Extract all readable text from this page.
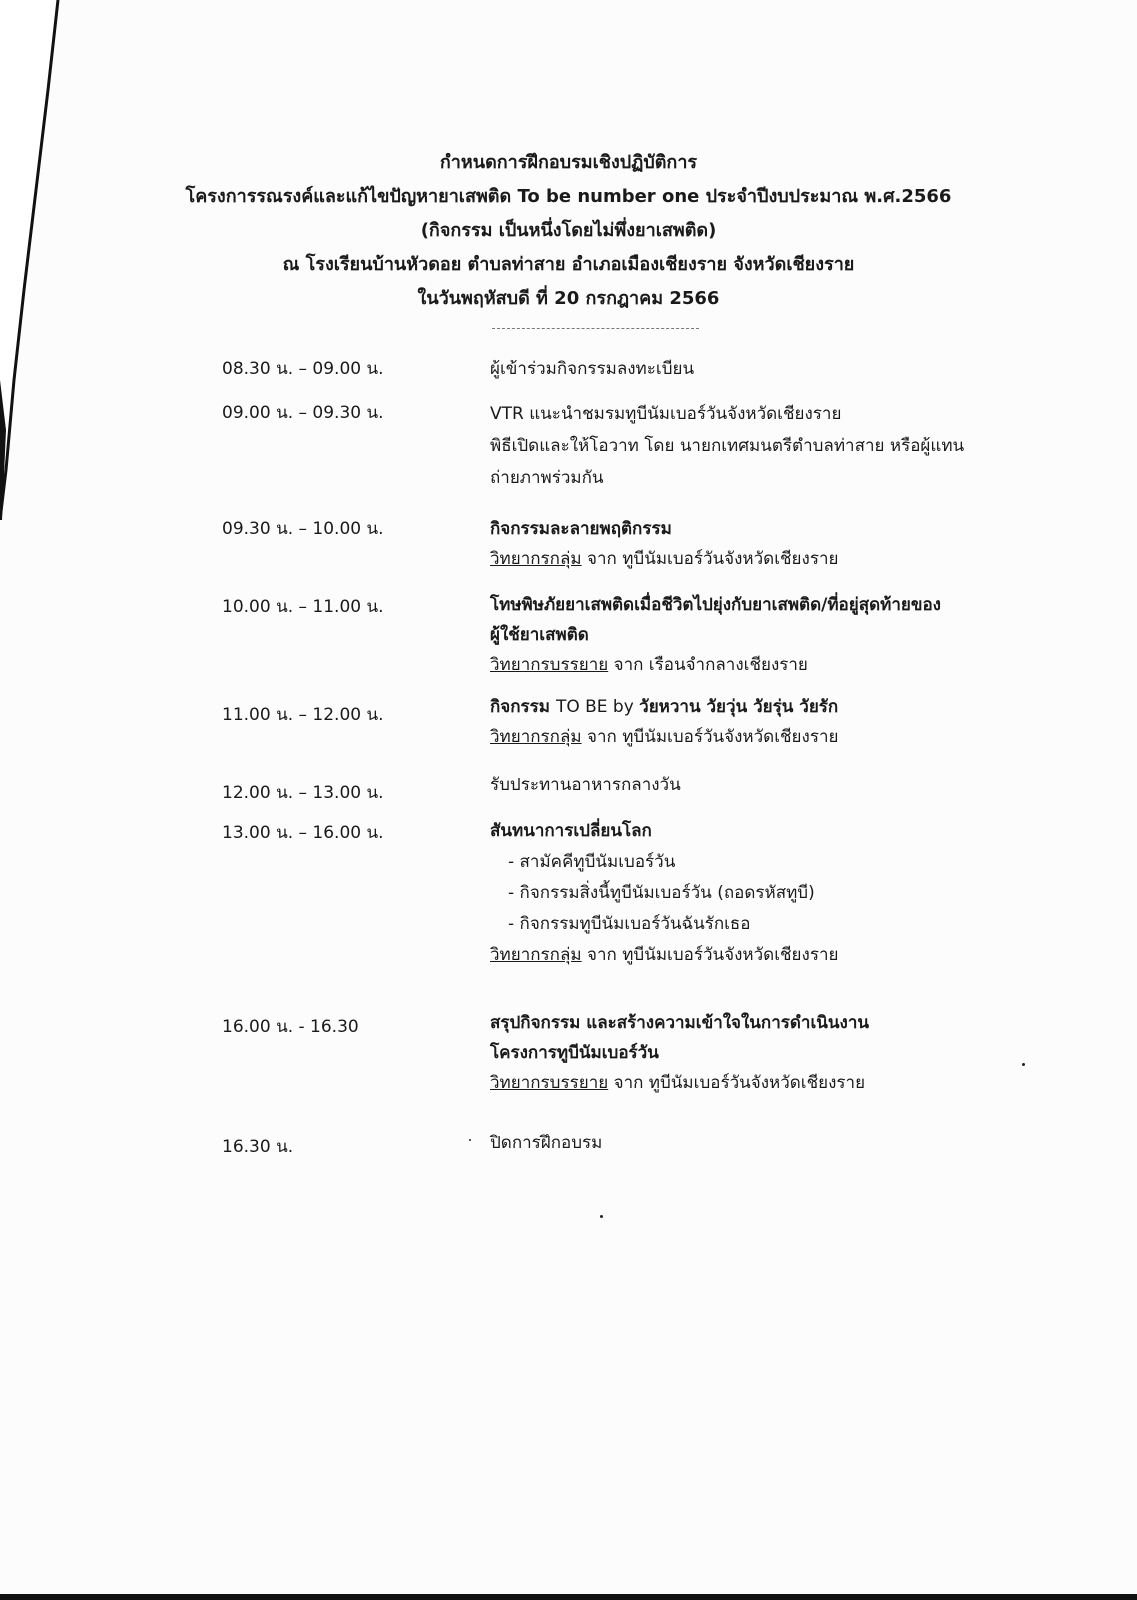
กำหนดการฝึกอบรมเชิงปฏิบัติการ
โครงการรณรงค์และแก้ไขปัญหายาเสพติด To be number one ประจำปีงบประมาณ พ.ศ.2566
(กิจกรรม เป็นหนึ่งโดยไม่พึ่งยาเสพติด)
ณ โรงเรียนบ้านหัวดอย ตำบลท่าสาย อำเภอเมืองเชียงราย จังหวัดเชียงราย
ในวันพฤหัสบดี ที่ 20 กรกฎาคม 2566
08.30 น. – 09.00 น.	ผู้เข้าร่วมกิจกรรมลงทะเบียน
09.00 น. – 09.30 น.	VTR แนะนำชมรมทูบีนัมเบอร์วันจังหวัดเชียงราย
พิธีเปิดและให้โอวาท โดย นายกเทศมนตรีตำบลท่าสาย หรือผู้แทน
ถ่ายภาพร่วมกัน
09.30 น. – 10.00 น.	กิจกรรมละลายพฤติกรรม
วิทยากรกลุ่ม จาก ทูบีนัมเบอร์วันจังหวัดเชียงราย
10.00 น. – 11.00 น.	โทษพิษภัยยาเสพติดเมื่อชีวิตไปยุ่งกับยาเสพติด/ที่อยู่สุดท้ายของ
ผู้ใช้ยาเสพติด
วิทยากรบรรยาย จาก เรือนจำกลางเชียงราย
11.00 น. – 12.00 น.	กิจกรรม TO BE by วัยหวาน วัยวุ่น วัยรุ่น วัยรัก
วิทยากรกลุ่ม จาก ทูบีนัมเบอร์วันจังหวัดเชียงราย
12.00 น. – 13.00 น.	รับประทานอาหารกลางวัน
13.00 น. – 16.00 น.	สันทนาการเปลี่ยนโลก
- สามัคคีทูบีนัมเบอร์วัน
- กิจกรรมสิ่งนี้ทูบีนัมเบอร์วัน (ถอดรหัสทูบี)
- กิจกรรมทูบีนัมเบอร์วันฉันรักเธอ
วิทยากรกลุ่ม จาก ทูบีนัมเบอร์วันจังหวัดเชียงราย
16.00 น. - 16.30	สรุปกิจกรรม และสร้างความเข้าใจในการดำเนินงาน
โครงการทูบีนัมเบอร์วัน
วิทยากรบรรยาย จาก ทูบีนัมเบอร์วันจังหวัดเชียงราย
16.30 น.	ปิดการฝึกอบรม
